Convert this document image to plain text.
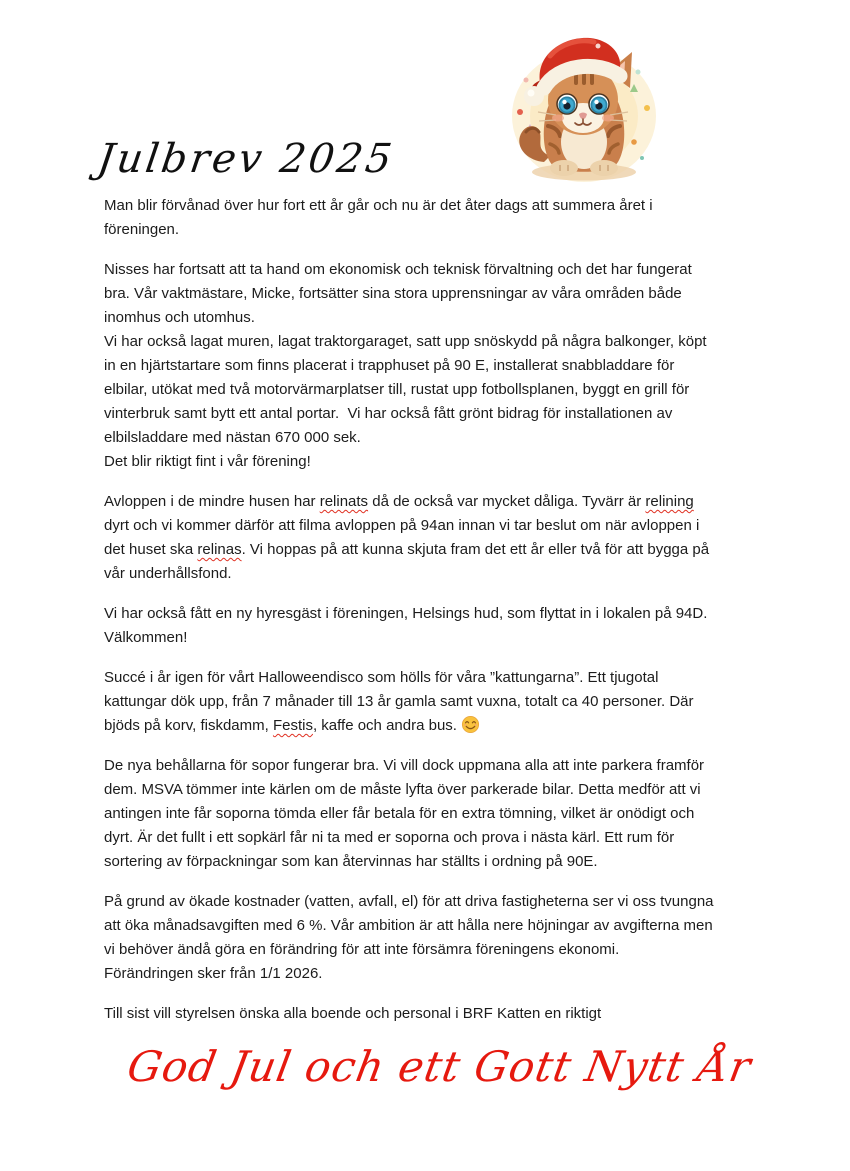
Julbrev 2025
Man blir förvånad över hur fort ett år går och nu är det åter dags att summera året i
föreningen.
Nisses har fortsatt att ta hand om ekonomisk och teknisk förvaltning och det har fungerat
bra. Vår vaktmästare, Micke, fortsätter sina stora upprensningar av våra områden både
inomhus och utomhus.
Vi har också lagat muren, lagat traktorgaraget, satt upp snöskydd på några balkonger, köpt
in en hjärtstartare som finns placerat i trapphuset på 90 E, installerat snabbladdare för
elbilar, utökat med två motorvärmarplatser till, rustat upp fotbollsplanen, byggt en grill för
vinterbruk samt bytt ett antal portar.  Vi har också fått grönt bidrag för installationen av
elbilsladdare med nästan 670 000 sek.
Det blir riktigt fint i vår förening!
Avloppen i de mindre husen har relinats då de också var mycket dåliga. Tyvärr är relining
dyrt och vi kommer därför att filma avloppen på 94an innan vi tar beslut om när avloppen i
det huset ska relinas. Vi hoppas på att kunna skjuta fram det ett år eller två för att bygga på
vår underhållsfond.
Vi har också fått en ny hyresgäst i föreningen, Helsings hud, som flyttat in i lokalen på 94D.
Välkommen!
Succé i år igen för vårt Halloweendisco som hölls för våra ”kattungarna”. Ett tjugotal
kattungar dök upp, från 7 månader till 13 år gamla samt vuxna, totalt ca 40 personer. Där
bjöds på korv, fiskdamm, Festis, kaffe och andra bus.
De nya behållarna för sopor fungerar bra. Vi vill dock uppmana alla att inte parkera framför
dem. MSVA tömmer inte kärlen om de måste lyfta över parkerade bilar. Detta medför att vi
antingen inte får soporna tömda eller får betala för en extra tömning, vilket är onödigt och
dyrt. Är det fullt i ett sopkärl får ni ta med er soporna och prova i nästa kärl. Ett rum för
sortering av förpackningar som kan återvinnas har ställts i ordning på 90E.
På grund av ökade kostnader (vatten, avfall, el) för att driva fastigheterna ser vi oss tvungna
att öka månadsavgiften med 6 %. Vår ambition är att hålla nere höjningar av avgifterna men
vi behöver ändå göra en förändring för att inte försämra föreningens ekonomi.
Förändringen sker från 1/1 2026.
Till sist vill styrelsen önska alla boende och personal i BRF Katten en riktigt
God Jul och ett Gott Nytt År
